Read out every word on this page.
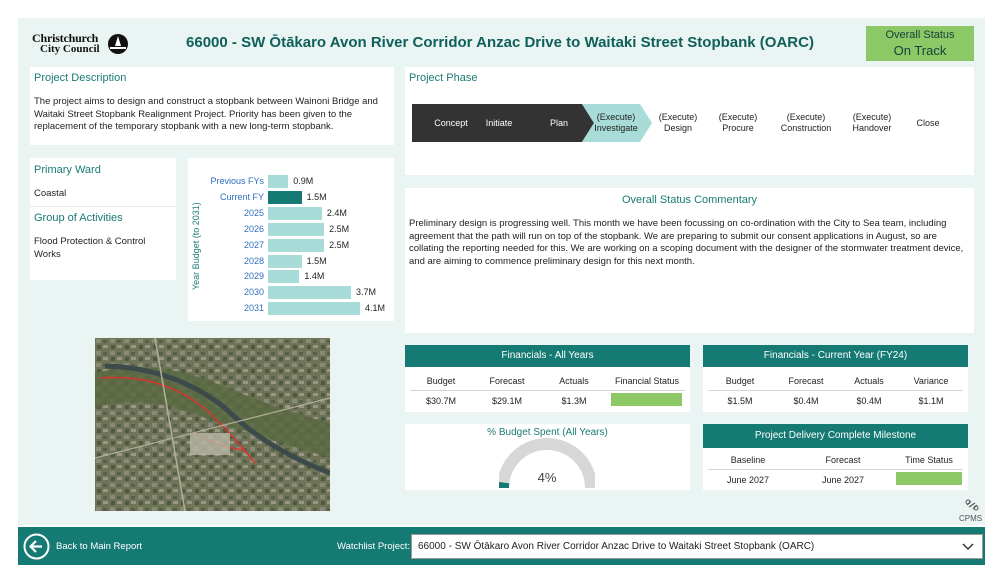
Christchurch
City Council	66000 - SW Ōtākaro Avon River Corridor Anzac Drive to Waitaki Street Stopbank (OARC)	Overall Status
On Track
Project Description
The project aims to design and construct a stopbank between Wainoni Bridge and Waitaki Street Stopbank Realignment Project. Priority has been given to the replacement of the temporary stopbank with a new long-term stopbank.
Project Phase
Concept	Initiate	Plan
(Execute)
Investigate
(Execute)
Design
(Execute)
Procure
(Execute)
Construction
(Execute)
Handover	Close
Primary Ward
Coastal
Group of Activities
Flood Protection & Control Works	Year Budget (to 2031)
Previous FYs	0.9M
Current FY	1.5M
2025	2.4M
2026	2.5M
2027	2.5M
2028	1.5M
2029	1.4M
2030	3.7M
2031	4.1M
Overall Status Commentary
Preliminary design is progressing well. This month we have been focussing on co-ordination with the City to Sea team, including agreement that the path will run on top of the stopbank. We are preparing to submit our consent applications in August, so are collating the reporting needed for this. We are working on a scoping document with the designer of the stormwater treatment device, and are aiming to commence preliminary design for this next month.
Financials - All Years
Budget	Forecast	Actuals	Financial Status
$30.7M	$29.1M	$1.3M
Financials - Current Year (FY24)
Budget	Forecast	Actuals	Variance
$1.5M	$0.4M	$0.4M	$1.1M
% Budget Spent (All Years)
4%
Project Delivery Complete Milestone
Baseline	Forecast	Time Status
June 2027	June 2027
CPMS
Back to Main Report	Watchlist Project: 66000 - SW Ōtākaro Avon River Corridor Anzac Drive to Waitaki Street Stopbank (OARC)
